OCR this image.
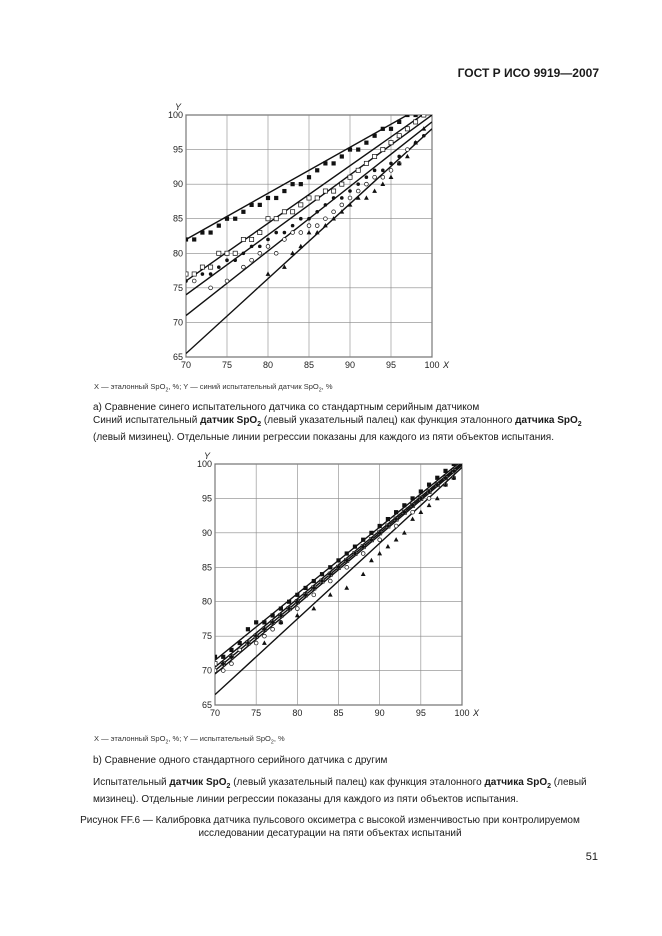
ГОСТ Р ИСО 9919—2007
70	75	80	85	90	95	100
65
70
75
80
85
90
95
100
X
Y
X — эталонный SpO$_2$, %; Y — синий испытательный датчик SpO$_2$, %
а) Сравнение синего испытательного датчика со стандартным серийным датчиком
Синий испытательный датчик SpO$_2$ (левый указательный палец) как функция эталонного датчика SpO$_2$ (левый мизинец). Отдельные линии регрессии показаны для каждого из пяти объектов испытания.
70	75	80	85	90	95	100
65
70
75
80
85
90
95
100
X
Y
X — эталонный SpO$_2$, %; Y — испытательный SpO$_2$, %
b) Сравнение одного стандартного серийного датчика с другим
Испытательный датчик SpO$_2$ (левый указательный палец) как функция эталонного датчика SpO$_2$ (левый мизинец). Отдельные линии регрессии показаны для каждого из пяти объектов испытания.
Рисунок FF.6 — Калибровка датчика пульсового оксиметра с высокой изменчивостью при контролируемом исследовании десатурации на пяти объектах испытаний
51
